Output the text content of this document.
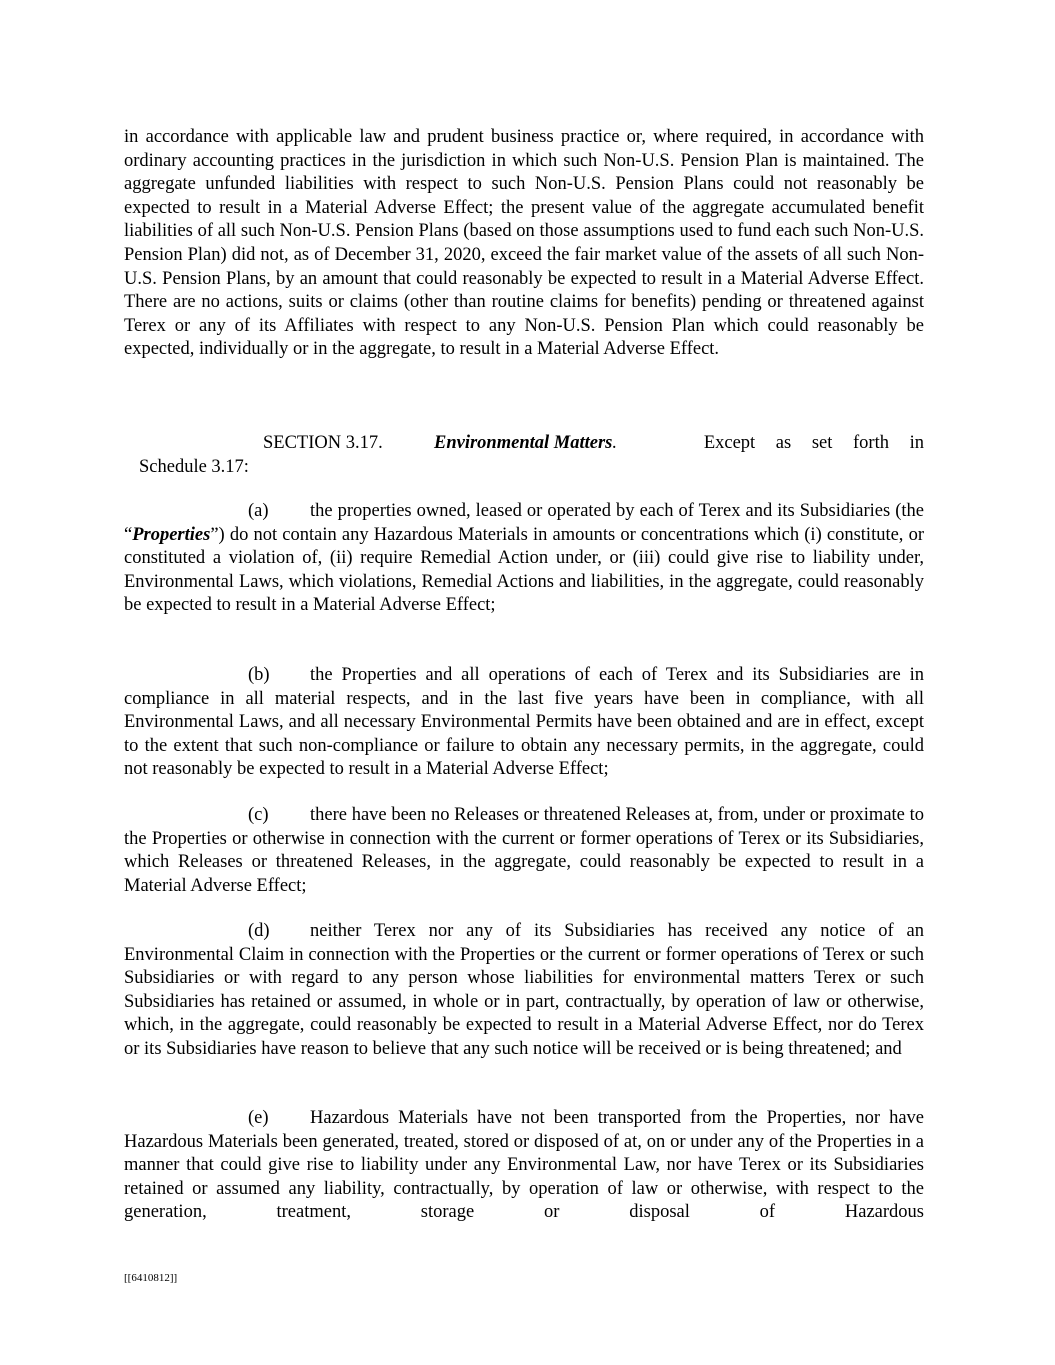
in accordance with applicable law and prudent business practice or, where required, in accordance with ordinary accounting practices in the jurisdiction in which such Non-U.S. Pension Plan is maintained. The aggregate unfunded liabilities with respect to such Non-U.S. Pension Plans could not reasonably be expected to result in a Material Adverse Effect; the present value of the aggregate accumulated benefit liabilities of all such Non-U.S. Pension Plans (based on those assumptions used to fund each such Non-U.S. Pension Plan) did not, as of December 31, 2020, exceed the fair market value of the assets of all such Non-U.S. Pension Plans, by an amount that could reasonably be expected to result in a Material Adverse Effect. There are no actions, suits or claims (other than routine claims for benefits) pending or threatened against Terex or any of its Affiliates with respect to any Non-U.S. Pension Plan which could reasonably be expected, individually or in the aggregate, to result in a Material Adverse Effect.

SECTION 3.17.	Environmental Matters.	Except as set forth in
Schedule 3.17:

(a) the properties owned, leased or operated by each of Terex and its Subsidiaries (the “Properties”) do not contain any Hazardous Materials in amounts or concentrations which (i) constitute, or constituted a violation of, (ii) require Remedial Action under, or (iii) could give rise to liability under, Environmental Laws, which violations, Remedial Actions and liabilities, in the aggregate, could reasonably be expected to result in a Material Adverse Effect;

(b) the Properties and all operations of each of Terex and its Subsidiaries are in compliance in all material respects, and in the last five years have been in compliance, with all Environmental Laws, and all necessary Environmental Permits have been obtained and are in effect, except to the extent that such non-compliance or failure to obtain any necessary permits, in the aggregate, could not reasonably be expected to result in a Material Adverse Effect;

(c) there have been no Releases or threatened Releases at, from, under or proximate to the Properties or otherwise in connection with the current or former operations of Terex or its Subsidiaries, which Releases or threatened Releases, in the aggregate, could reasonably be expected to result in a Material Adverse Effect;

(d) neither Terex nor any of its Subsidiaries has received any notice of an Environmental Claim in connection with the Properties or the current or former operations of Terex or such Subsidiaries or with regard to any person whose liabilities for environmental matters Terex or such Subsidiaries has retained or assumed, in whole or in part, contractually, by operation of law or otherwise, which, in the aggregate, could reasonably be expected to result in a Material Adverse Effect, nor do Terex or its Subsidiaries have reason to believe that any such notice will be received or is being threatened; and

(e) Hazardous Materials have not been transported from the Properties, nor have Hazardous Materials been generated, treated, stored or disposed of at, on or under any of the Properties in a manner that could give rise to liability under any Environmental Law, nor have Terex or its Subsidiaries retained or assumed any liability, contractually, by operation of law or otherwise, with respect to the generation, treatment, storage or disposal of Hazardous

[[6410812]]
